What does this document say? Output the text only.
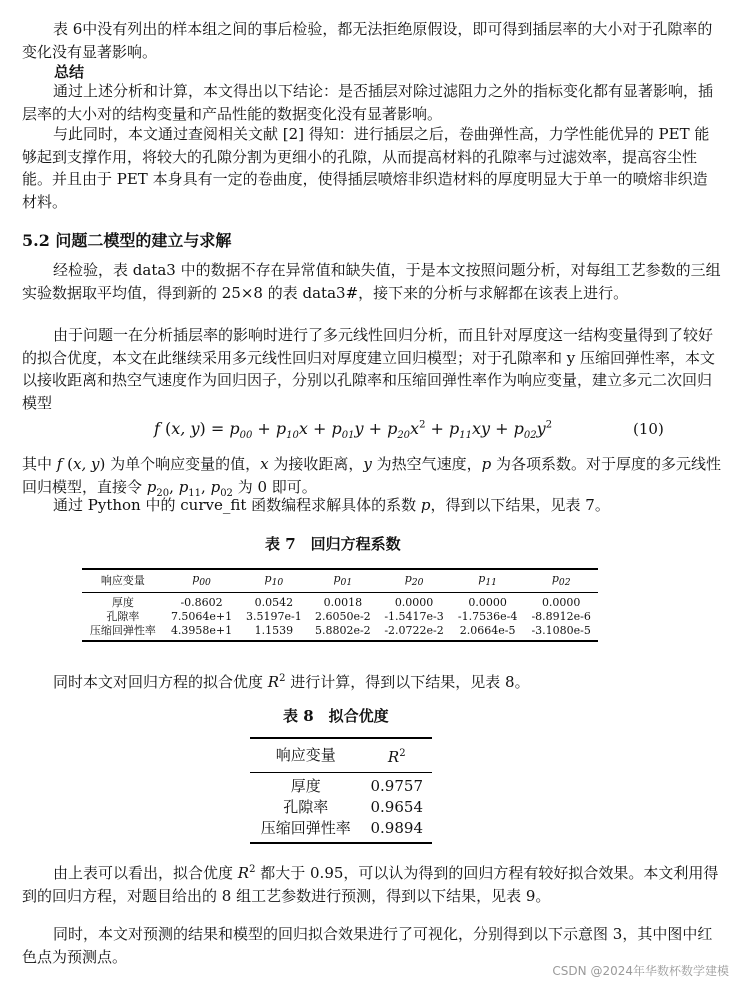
表 6中没有列出的样本组之间的事后检验，都无法拒绝原假设，即可得到插层率的大小对于孔隙率的变化没有显著影响。

总结

通过上述分析和计算，本文得出以下结论：是否插层对除过滤阻力之外的指标变化都有显著影响，插层率的大小对的结构变量和产品性能的数据变化没有显著影响。

与此同时，本文通过查阅相关文献 [2] 得知：进行插层之后，卷曲弹性高，力学性能优异的 PET 能够起到支撑作用，将较大的孔隙分割为更细小的孔隙，从而提高材料的孔隙率与过滤效率，提高容尘性能。并且由于 PET 本身具有一定的卷曲度，使得插层喷熔非织造材料的厚度明显大于单一的喷熔非织造材料。

5.2 问题二模型的建立与求解

经检验，表 data3 中的数据不存在异常值和缺失值，于是本文按照问题分析，对每组工艺参数的三组实验数据取平均值，得到新的 25×8 的表 data3#，接下来的分析与求解都在该表上进行。

由于问题一在分析插层率的影响时进行了多元线性回归分析，而且针对厚度这一结构变量得到了较好的拟合优度，本文在此继续采用多元线性回归对厚度建立回归模型；对于孔隙率和 y 压缩回弹性率，本文以接收距离和热空气速度作为回归因子，分别以孔隙率和压缩回弹性率作为响应变量，建立多元二次回归模型

f (x, $y) = p_{00} + p_{10}x + p_{01}y + p_{20}x^2 + p_{11}xy + p_{02}y^2$	(10)

其中 f (x, y) 为单个响应变量的值，x 为接收距离，y 为热空气速度，p 为各项系数。对于厚度的多元线性回归模型，直接令 $p_{20}$, $p_{11}$, $p_{02}$ 为 0 即可。

通过 Python 中的 curve_fit 函数编程求解具体的系数 p，得到以下结果，见表 7。

表 7　回归方程系数
响应变量	$p_{00}$	$p_{10}$	$p_{01}$	$p_{20}$	$p_{11}$	$p_{02}$
厚度	-0.8602	0.0542	0.0018	0.0000	0.0000	0.0000
孔隙率	7.5064e+1	3.5197e-1	2.6050e-2	-1.5417e-3	-1.7536e-4	-8.8912e-6
压缩回弹性率	4.3958e+1	1.1539	5.8802e-2	-2.0722e-2	2.0664e-5	-3.1080e-5

同时本文对回归方程的拟合优度 $R^2$ 进行计算，得到以下结果，见表 8。

表 8　拟合优度
响应变量	$R^2$
厚度	0.9757
孔隙率	0.9654
压缩回弹性率	0.9894

由上表可以看出，拟合优度 $R^2$ 都大于 0.95，可以认为得到的回归方程有较好拟合效果。本文利用得到的回归方程，对题目给出的 8 组工艺参数进行预测，得到以下结果，见表 9。

同时，本文对预测的结果和模型的回归拟合效果进行了可视化，分别得到以下示意图 3，其中图中红色点为预测点。

CSDN @2024年华数杯数学建模
